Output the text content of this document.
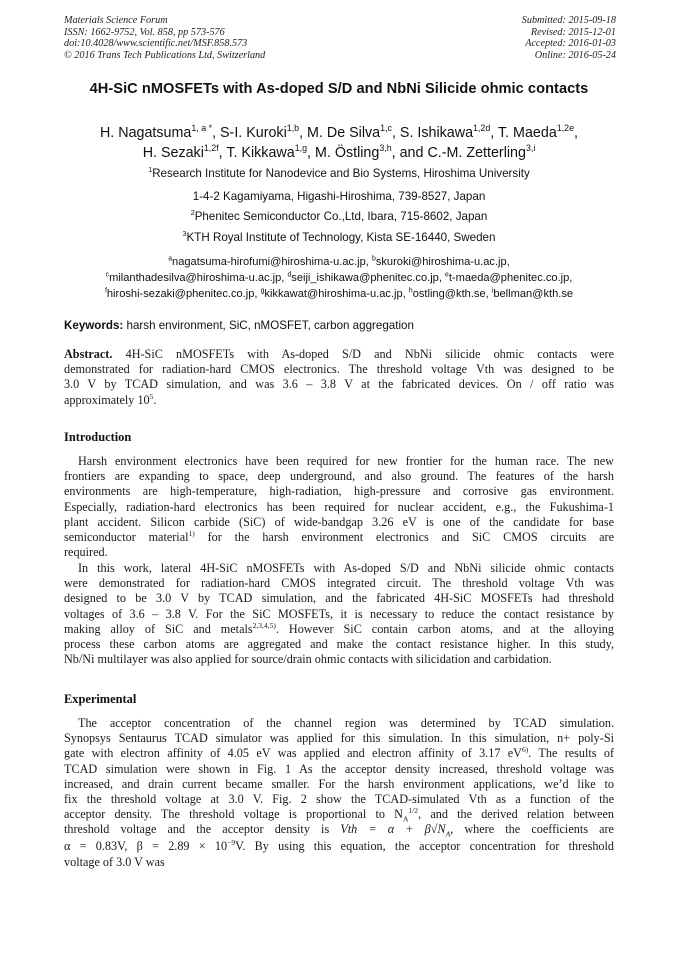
Materials Science Forum
ISSN: 1662-9752, Vol. 858, pp 573-576
doi:10.4028/www.scientific.net/MSF.858.573
© 2016 Trans Tech Publications Ltd, Switzerland
Submitted: 2015-09-18
Revised: 2015-12-01
Accepted: 2016-01-03
Online: 2016-05-24
4H-SiC nMOSFETs with As-doped S/D and NbNi Silicide ohmic contacts
H. Nagatsuma$^{1, a *}$, S-I. Kuroki$^{1,b}$, M. De Silva$^{1,c}$, S. Ishikawa$^{1,2d}$, T. Maeda$^{1,2e}$,
H. Sezaki$^{1,2f}$, T. Kikkawa$^{1,g}$, M. Östling$^{3,h}$, and C.-M. Zetterling$^{3,i}$
$^1$Research Institute for Nanodevice and Bio Systems, Hiroshima University
1-4-2 Kagamiyama, Higashi-Hiroshima, 739-8527, Japan
$^2$Phenitec Semiconductor Co.,Ltd, Ibara, 715-8602, Japan
$^3$KTH Royal Institute of Technology, Kista SE-16440, Sweden
$^a$nagatsuma-hirofumi@hiroshima-u.ac.jp, $^b$skuroki@hiroshima-u.ac.jp,
$^c$milanthadesilva@hiroshima-u.ac.jp, $^d$seiji_ishikawa@phenitec.co.jp, $^e$t-maeda@phenitec.co.jp,
$^f$hiroshi-sezaki@phenitec.co.jp, $^g$kikkawat@hiroshima-u.ac.jp, $^h$ostling@kth.se, $^i$bellman@kth.se
Keywords: harsh environment, SiC, nMOSFET, carbon aggregation
Abstract. 4H-SiC nMOSFETs with As-doped S/D and NbNi silicide ohmic contacts were
demonstrated for radiation-hard CMOS electronics. The threshold voltage Vth was designed to be
3.0 V by TCAD simulation, and was 3.6 – 3.8 V at the fabricated devices. On / off ratio was
approximately $10^5$.
Introduction
Harsh environment electronics have been required for new frontier for the human race. The new
frontiers are expanding to space, deep underground, and also ground. The features of the harsh
environments are high-temperature, high-radiation, high-pressure and corrosive gas environment.
Especially, radiation-hard electronics has been required for nuclear accident, e.g., the Fukushima-1
plant accident. Silicon carbide (SiC) of wide-bandgap 3.26 eV is one of the candidate for base
semiconductor material$^{1)}$ for the harsh environment electronics and SiC CMOS circuits are
required.
In this work, lateral 4H-SiC nMOSFETs with As-doped S/D and NbNi silicide ohmic contacts
were demonstrated for radiation-hard CMOS integrated circuit. The threshold voltage Vth was
designed to be 3.0 V by TCAD simulation, and the fabricated 4H-SiC MOSFETs had threshold
voltages of 3.6 – 3.8 V. For the SiC MOSFETs, it is necessary to reduce the contact resistance by
making alloy of SiC and metals$^{2,3,4,5)}$. However SiC contain carbon atoms, and at the alloying
process these carbon atoms are aggregated and make the contact resistance higher. In this study,
Nb/Ni multilayer was also applied for source/drain ohmic contacts with silicidation and carbidation.
Experimental
The acceptor concentration of the channel region was determined by TCAD simulation.
Synopsys Sentaurus TCAD simulator was applied for this simulation. In this simulation, n+ poly-Si
gate with electron affinity of 4.05 eV was applied and electron affinity of 3.17 $eV^{6)}$. The results of
TCAD simulation were shown in Fig. 1 As the acceptor density increased, threshold voltage was
increased, and drain current became smaller. For the harsh environment applications, we’d like to
fix the threshold voltage at 3.0 V. Fig. 2 show the TCAD-simulated Vth as a function of the
acceptor density. The threshold voltage is proportional to $N_A^{1/2}$, and the derived relation between
threshold voltage and the acceptor density is Vth = $\alpha + \beta√N_A$, where the coefficients are
α = 0.83V, $\beta = 2.89 \times 10^{-9}V$. By using this equation, the acceptor concentration for threshold
voltage of 3.0 V was
